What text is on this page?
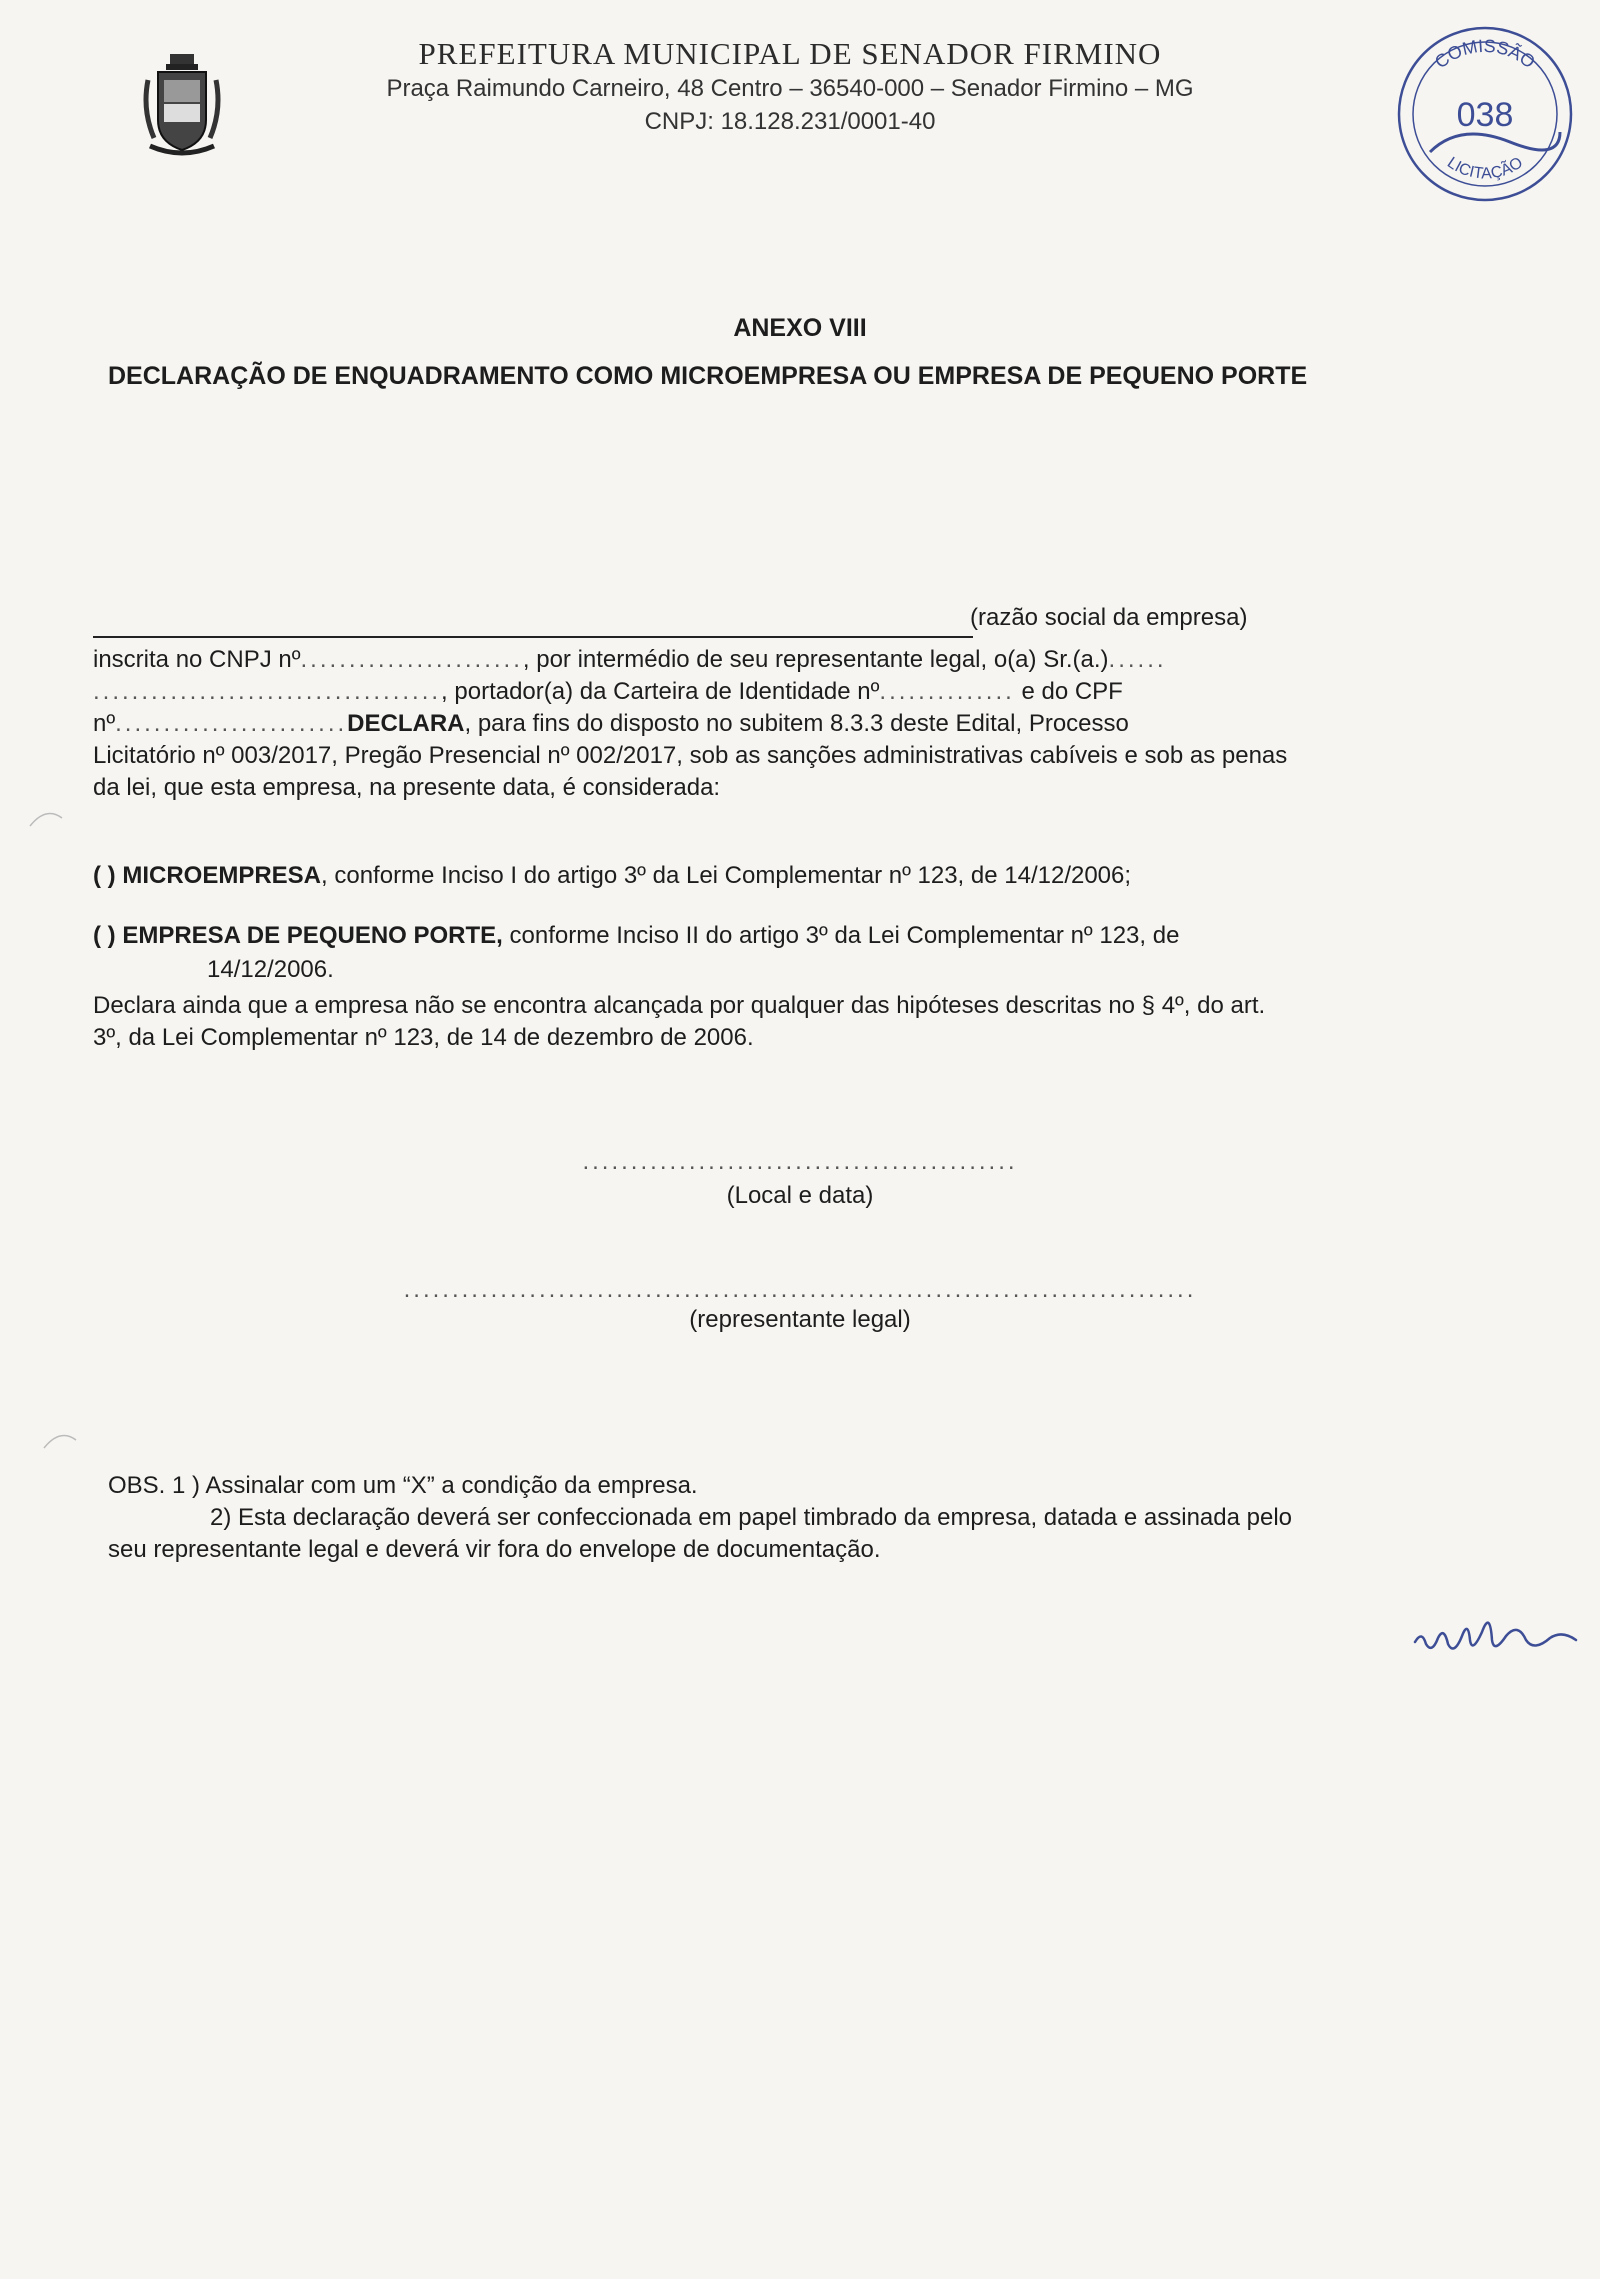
PREFEITURA MUNICIPAL DE SENADOR FIRMINO
Praça Raimundo Carneiro, 48 Centro – 36540-000 – Senador Firmino – MG
CNPJ: 18.128.231/0001-40
COMISSÃO
038
LICITAÇÃO
ANEXO VIII
DECLARAÇÃO DE ENQUADRAMENTO COMO MICROEMPRESA OU EMPRESA DE PEQUENO PORTE
(razão social da empresa)

inscrita no CNPJ nº......................., por intermédio de seu representante legal, o(a) Sr.(a.)......

...................................., portador(a) da Carteira de Identidade nº.............. e do CPF

nº........................DECLARA, para fins do disposto no subitem 8.3.3 deste Edital, Processo

Licitatório nº 003/2017, Pregão Presencial nº 002/2017, sob as sanções administrativas cabíveis e sob as penas

da lei, que esta empresa, na presente data, é considerada:

( ) MICROEMPRESA, conforme Inciso I do artigo 3º da Lei Complementar nº 123, de 14/12/2006;
( ) EMPRESA DE PEQUENO PORTE, conforme Inciso II do artigo 3º da Lei Complementar nº 123, de
14/12/2006.
Declara ainda que a empresa não se encontra alcançada por qualquer das hipóteses descritas no § 4º, do art.
3º, da Lei Complementar nº 123, de 14 de dezembro de 2006.
.............................................
(Local e data)
..................................................................................
(representante legal)
OBS. 1 ) Assinalar com um “X” a condição da empresa.
2) Esta declaração deverá ser confeccionada em papel timbrado da empresa, datada e assinada pelo
seu representante legal e deverá vir fora do envelope de documentação.
